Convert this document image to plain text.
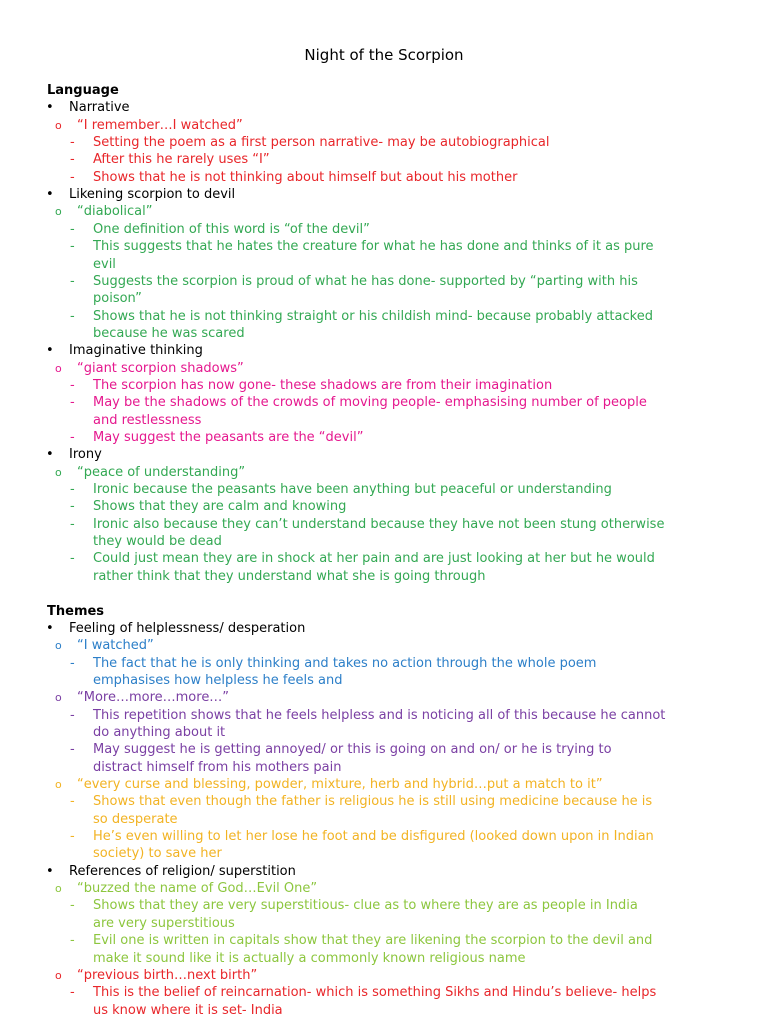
Night of the Scorpion
Language
• Narrative
o “I remember…I watched”
- Setting the poem as a first person narrative- may be autobiographical
- After this he rarely uses “I”
- Shows that he is not thinking about himself but about his mother
• Likening scorpion to devil
o “diabolical”
- One definition of this word is “of the devil”
- This suggests that he hates the creature for what he has done and thinks of it as pure
evil
- Suggests the scorpion is proud of what he has done- supported by “parting with his
poison”
- Shows that he is not thinking straight or his childish mind- because probably attacked
because he was scared
• Imaginative thinking
o “giant scorpion shadows”
- The scorpion has now gone- these shadows are from their imagination
- May be the shadows of the crowds of moving people- emphasising number of people
and restlessness
- May suggest the peasants are the “devil”
• Irony
o “peace of understanding”
- Ironic because the peasants have been anything but peaceful or understanding
- Shows that they are calm and knowing
- Ironic also because they can’t understand because they have not been stung otherwise
they would be dead
- Could just mean they are in shock at her pain and are just looking at her but he would
rather think that they understand what she is going through
Themes
• Feeling of helplessness/ desperation
o “I watched”
- The fact that he is only thinking and takes no action through the whole poem
emphasises how helpless he feels and
o “More…more…more…”
- This repetition shows that he feels helpless and is noticing all of this because he cannot
do anything about it
- May suggest he is getting annoyed/ or this is going on and on/ or he is trying to
distract himself from his mothers pain
o “every curse and blessing, powder, mixture, herb and hybrid…put a match to it”
- Shows that even though the father is religious he is still using medicine because he is
so desperate
- He’s even willing to let her lose he foot and be disfigured (looked down upon in Indian
society) to save her
• References of religion/ superstition
o “buzzed the name of God…Evil One”
- Shows that they are very superstitious- clue as to where they are as people in India
are very superstitious
- Evil one is written in capitals show that they are likening the scorpion to the devil and
make it sound like it is actually a commonly known religious name
o “previous birth…next birth”
- This is the belief of reincarnation- which is something Sikhs and Hindu’s believe- helps
us know where it is set- India
